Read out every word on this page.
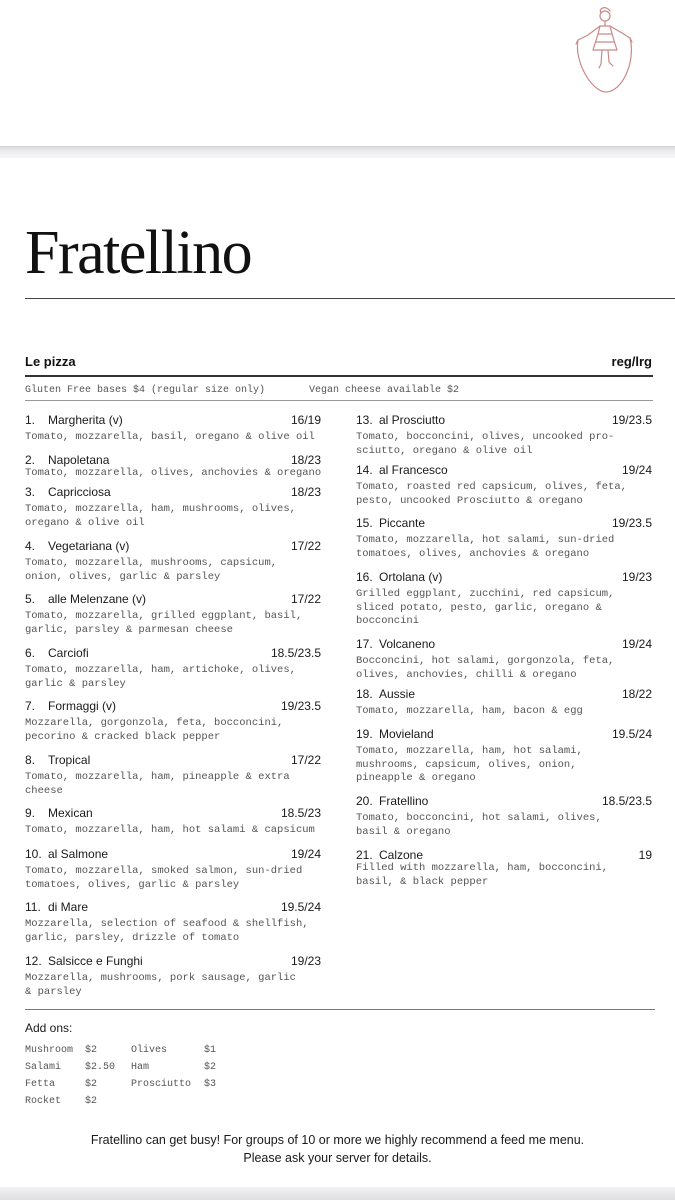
Fratellino
Le pizza	reg/lrg
Gluten Free bases $4 (regular size only)	Vegan cheese available $2
1. Margherita (v)	16/19
Tomato, mozzarella, basil, oregano & olive oil
2. Napoletana	18/23
Tomato, mozzarella, olives, anchovies & oregano
3. Capricciosa	18/23
Tomato, mozzarella, ham, mushrooms, olives,
oregano & olive oil
4. Vegetariana (v)	17/22
Tomato, mozzarella, mushrooms, capsicum,
onion, olives, garlic & parsley
5. alle Melenzane (v)	17/22
Tomato, mozzarella, grilled eggplant, basil,
garlic, parsley & parmesan cheese
6. Carciofi	18.5/23.5
Tomato, mozzarella, ham, artichoke, olives,
garlic & parsley
7. Formaggi (v)	19/23.5
Mozzarella, gorgonzola, feta, bocconcini,
pecorino & cracked black pepper
8. Tropical	17/22
Tomato, mozzarella, ham, pineapple & extra
cheese
9. Mexican	18.5/23
Tomato, mozzarella, ham, hot salami & capsicum
10. al Salmone	19/24
Tomato, mozzarella, smoked salmon, sun-dried
tomatoes, olives, garlic & parsley
11. di Mare	19.5/24
Mozzarella, selection of seafood & shellfish,
garlic, parsley, drizzle of tomato
12. Salsicce e Funghi	19/23
Mozzarella, mushrooms, pork sausage, garlic
& parsley
13. al Prosciutto	19/23.5
Tomato, bocconcini, olives, uncooked pro-
sciutto, oregano & olive oil
14. al Francesco	19/24
Tomato, roasted red capsicum, olives, feta,
pesto, uncooked Prosciutto & oregano
15. Piccante	19/23.5
Tomato, mozzarella, hot salami, sun-dried
tomatoes, olives, anchovies & oregano
16. Ortolana (v)	19/23
Grilled eggplant, zucchini, red capsicum,
sliced potato, pesto, garlic, oregano &
bocconcini
17. Volcaneno	19/24
Bocconcini, hot salami, gorgonzola, feta,
olives, anchovies, chilli & oregano
18. Aussie	18/22
Tomato, mozzarella, ham, bacon & egg
19. Movieland	19.5/24
Tomato, mozzarella, ham, hot salami,
mushrooms, capsicum, olives, onion,
pineapple & oregano
20. Fratellino	18.5/23.5
Tomato, bocconcini, hot salami, olives,
basil & oregano
21. Calzone	19
Filled with mozzarella, ham, bocconcini,
basil, & black pepper
Add ons:
Mushroom $2	Olives	$1
Salami $2.50 Ham	$2
Fetta	$2	Prosciutto $3
Rocket $2
Fratellino can get busy! For groups of 10 or more we highly recommend a feed me menu.
Please ask your server for details.
